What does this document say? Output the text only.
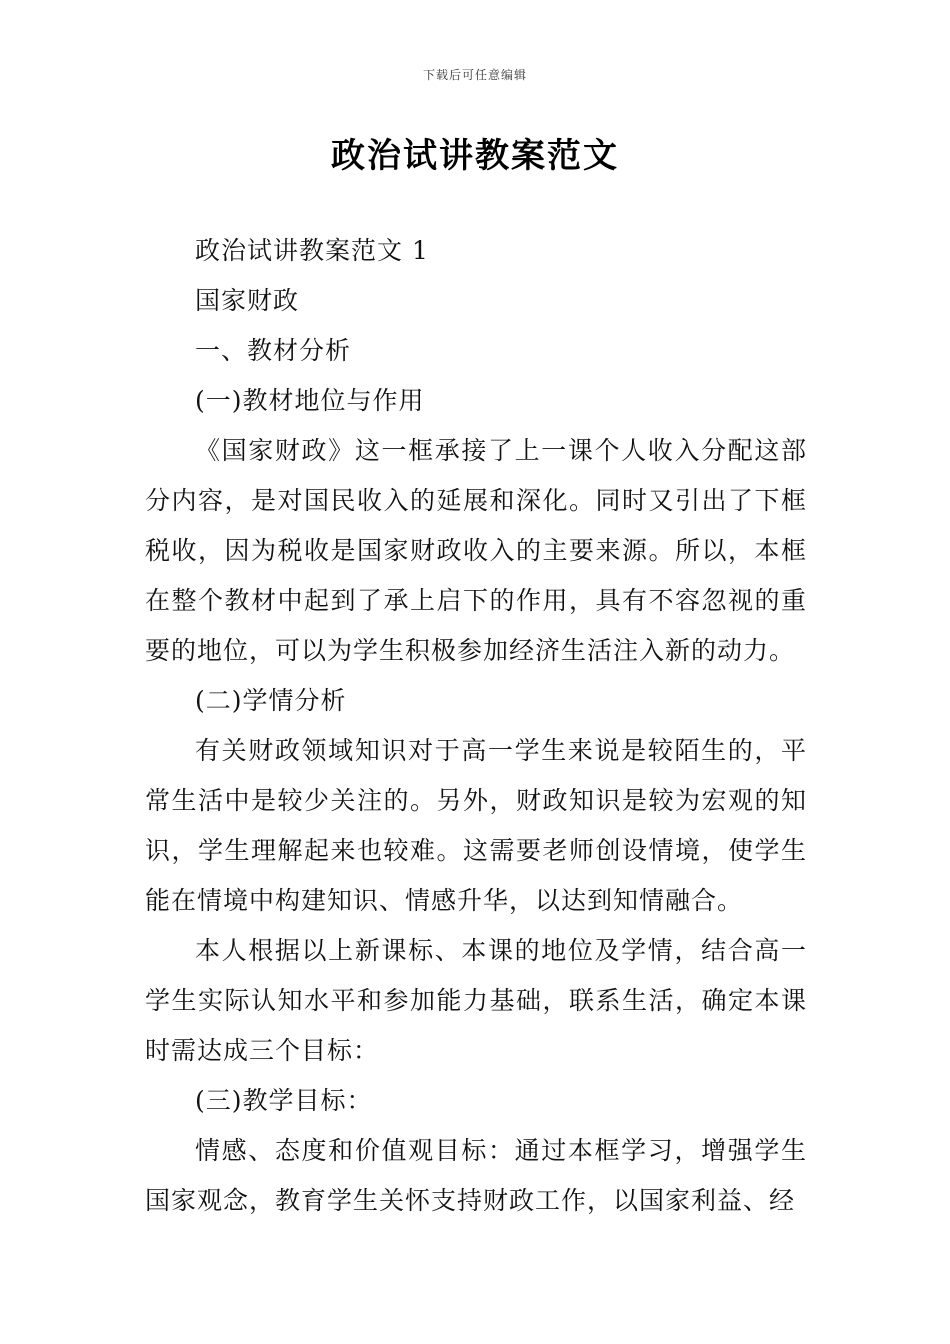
下载后可任意编辑
政治试讲教案范文

政治试讲教案范文 1

国家财政

一、教材分析

(一)教材地位与作用

《国家财政》这一框承接了上一课个人收入分配这部分内容，是对国民收入的延展和深化。同时又引出了下框税收，因为税收是国家财政收入的主要来源。所以，本框在整个教材中起到了承上启下的作用，具有不容忽视的重要的地位，可以为学生积极参加经济生活注入新的动力。

(二)学情分析

有关财政领域知识对于高一学生来说是较陌生的，平常生活中是较少关注的。另外，财政知识是较为宏观的知识，学生理解起来也较难。这需要老师创设情境，使学生能在情境中构建知识、情感升华，以达到知情融合。

本人根据以上新课标、本课的地位及学情，结合高一学生实际认知水平和参加能力基础，联系生活，确定本课时需达成三个目标：

(三)教学目标：

情感、态度和价值观目标：通过本框学习，增强学生国家观念，教育学生关怀支持财政工作，以国家利益、经
